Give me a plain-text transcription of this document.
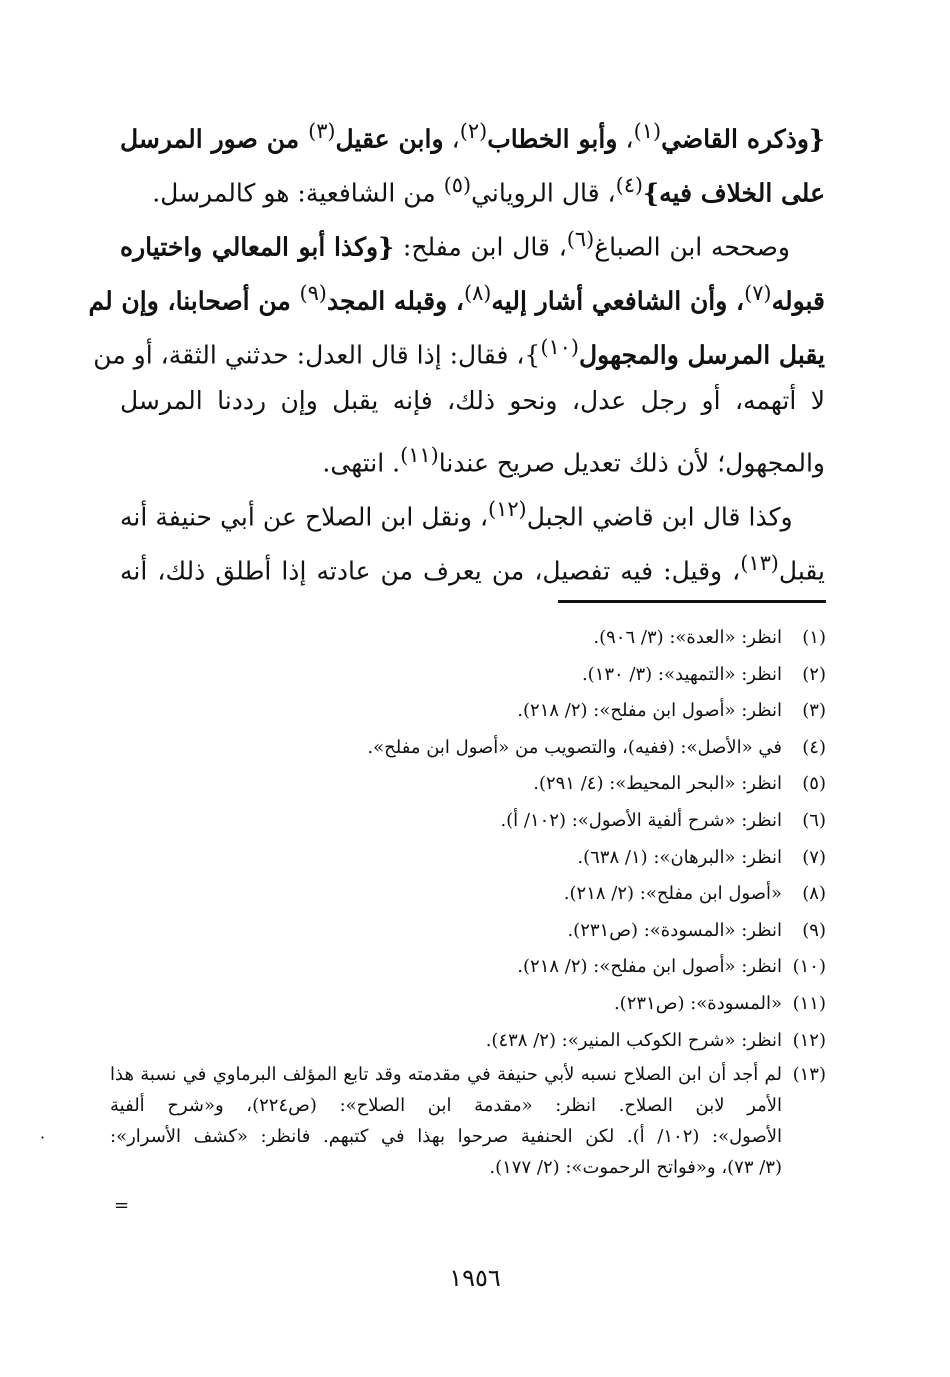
{وذكره القاضي$^{(١)}$، وأبو الخطاب$^{(٢)}$، وابن عقيل$^{(٣)}$ من صور المرسل
على الخلاف فيه}$^{(٤)}$، قال الروياني$^{(٥)}$ من الشافعية: هو كالمرسل.
وصححه ابن الصباغ$^{(٦)}$، قال ابن مفلح: {وكذا أبو المعالي واختياره
قبوله$^{(٧)}$، وأن الشافعي أشار إليه$^{(٨)}$، وقبله المجد$^{(٩)}$ من أصحابنا، وإن لم
يقبل المرسل والمجهول$^{(١٠)}$}، فقال: إذا قال العدل: حدثني الثقة، أو من
لا أتهمه، أو رجل عدل، ونحو ذلك، فإنه يقبل وإن رددنا المرسل
والمجهول؛ لأن ذلك تعديل صريح عندنا$^{(١١)}$. انتهى.
وكذا قال ابن قاضي الجبل$^{(١٢)}$، ونقل ابن الصلاح عن أبي حنيفة أنه
يقبل$^{(١٣)}$، وقيل: فيه تفصيل، من يعرف من عادته إذا أطلق ذلك، أنه
(١)
انظر: «العدة»: (٣/ ٩٠٦).
(٢)
انظر: «التمهيد»: (٣/ ١٣٠).
(٣)
انظر: «أصول ابن مفلح»: (٢/ ٢١٨).
(٤)
في «الأصل»: (ففيه)، والتصويب من «أصول ابن مفلح».
(٥)
انظر: «البحر المحيط»: (٤/ ٢٩١).
(٦)
انظر: «شرح ألفية الأصول»: (١٠٢/ أ).
(٧)
انظر: «البرهان»: (١/ ٦٣٨).
(٨)
«أصول ابن مفلح»: (٢/ ٢١٨).
(٩)
انظر: «المسودة»: (ص٢٣١).
(١٠)
انظر: «أصول ابن مفلح»: (٢/ ٢١٨).
(١١)
«المسودة»: (ص٢٣١).
(١٢)
انظر: «شرح الكوكب المنير»: (٢/ ٤٣٨).
(١٣)
لم أجد أن ابن الصلاح نسبه لأبي حنيفة في مقدمته وقد تابع المؤلف البرماوي في نسبة هذا
الأمر لابن الصلاح. انظر: «مقدمة ابن الصلاح»: (ص٢٢٤)، و«شرح ألفية
الأصول»: (١٠٢/ أ). لكن الحنفية صرحوا بهذا في كتبهم. فانظر: «كشف الأسرار»:
(٣/ ٧٣)، و«فواتح الرحموت»: (٢/ ١٧٧).
=
·
١٩٥٦
